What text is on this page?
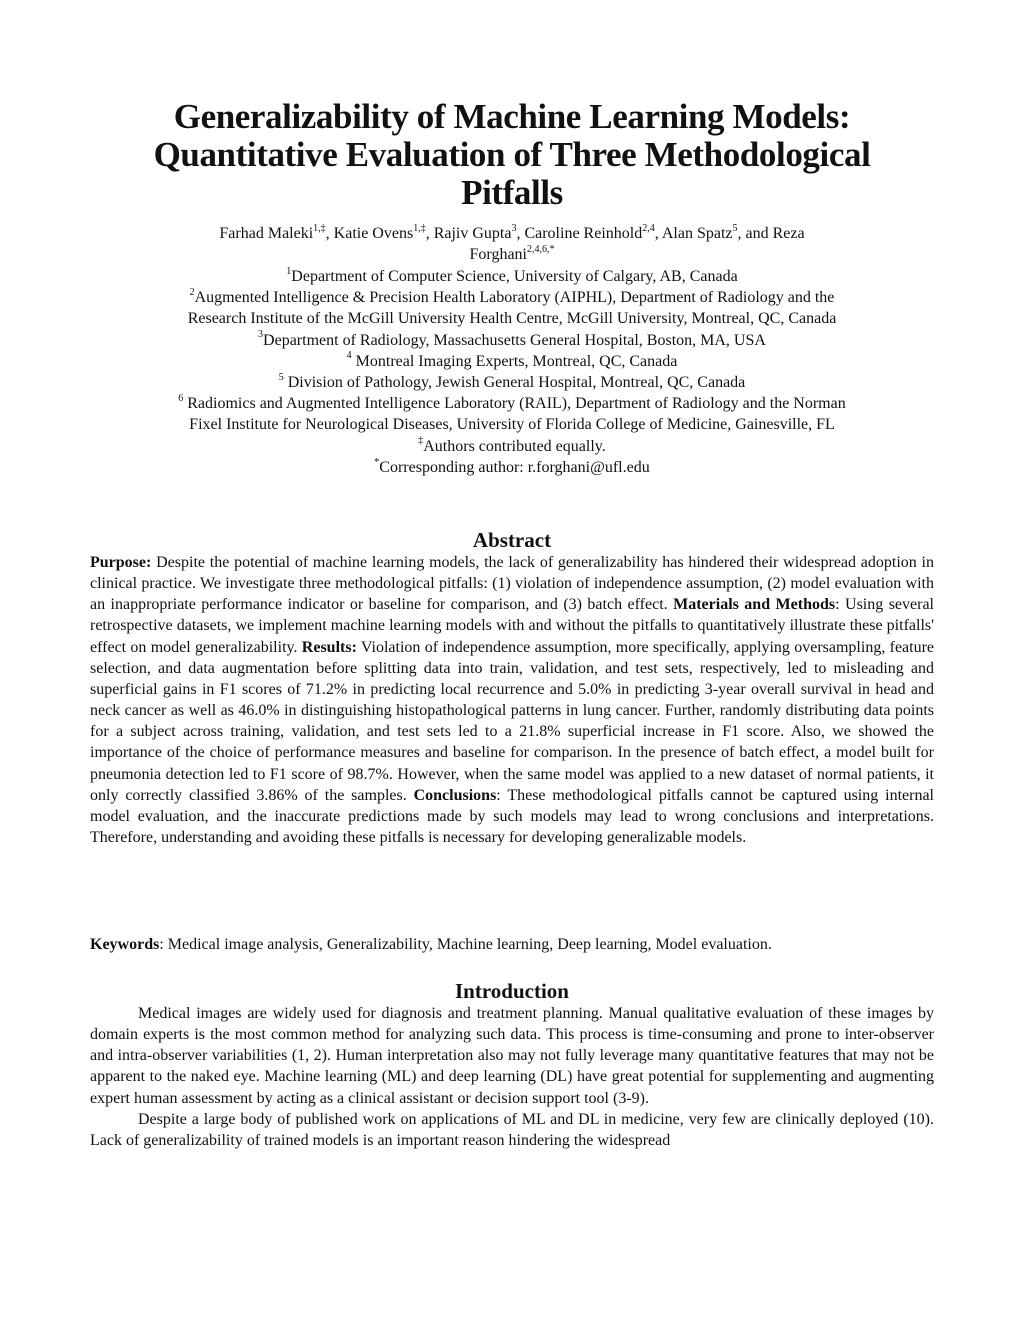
Generalizability of Machine Learning Models:
Quantitative Evaluation of Three Methodological
Pitfalls
Farhad Maleki$^{1,\ddagger}$, Katie Ovens$^{1,\ddagger}$, Rajiv Gupta$^3$, Caroline Reinhold$^{2,4}$, Alan Spatz$^5$, and Reza
Forghani$^{2,4,6,*}$
$^1$Department of Computer Science, University of Calgary, AB, Canada
$^2$Augmented Intelligence & Precision Health Laboratory (AIPHL), Department of Radiology and the
Research Institute of the McGill University Health Centre, McGill University, Montreal, QC, Canada
$^3$Department of Radiology, Massachusetts General Hospital, Boston, MA, USA
$^4$ Montreal Imaging Experts, Montreal, QC, Canada
$^5$ Division of Pathology, Jewish General Hospital, Montreal, QC, Canada
$^6$ Radiomics and Augmented Intelligence Laboratory (RAIL), Department of Radiology and the Norman
Fixel Institute for Neurological Diseases, University of Florida College of Medicine, Gainesville, FL
‡Authors contributed equally.
*Corresponding author: r.forghani@ufl.edu
Abstract
Purpose: Despite the potential of machine learning models, the lack of generalizability has hindered their widespread adoption in clinical practice. We investigate three methodological pitfalls: (1) violation of independence assumption, (2) model evaluation with an inappropriate performance indicator or baseline for comparison, and (3) batch effect. Materials and Methods: Using several retrospective datasets, we implement machine learning models with and without the pitfalls to quantitatively illustrate these pitfalls' effect on model generalizability. Results: Violation of independence assumption, more specifically, applying oversampling, feature selection, and data augmentation before splitting data into train, validation, and test sets, respectively, led to misleading and superficial gains in F1 scores of 71.2% in predicting local recurrence and 5.0% in predicting 3-year overall survival in head and neck cancer as well as 46.0% in distinguishing histopathological patterns in lung cancer. Further, randomly distributing data points for a subject across training, validation, and test sets led to a 21.8% superficial increase in F1 score. Also, we showed the importance of the choice of performance measures and baseline for comparison. In the presence of batch effect, a model built for pneumonia detection led to F1 score of 98.7%. However, when the same model was applied to a new dataset of normal patients, it only correctly classified 3.86% of the samples. Conclusions: These methodological pitfalls cannot be captured using internal model evaluation, and the inaccurate predictions made by such models may lead to wrong conclusions and interpretations. Therefore, understanding and avoiding these pitfalls is necessary for developing generalizable models.
Keywords: Medical image analysis, Generalizability, Machine learning, Deep learning, Model evaluation.
Introduction

Medical images are widely used for diagnosis and treatment planning. Manual qualitative evaluation of these images by domain experts is the most common method for analyzing such data. This process is time-consuming and prone to inter-observer and intra-observer variabilities (1, 2). Human interpretation also may not fully leverage many quantitative features that may not be apparent to the naked eye. Machine learning (ML) and deep learning (DL) have great potential for supplementing and augmenting expert human assessment by acting as a clinical assistant or decision support tool (3-9).

Despite a large body of published work on applications of ML and DL in medicine, very few are clinically deployed (10). Lack of generalizability of trained models is an important reason hindering the widespread
